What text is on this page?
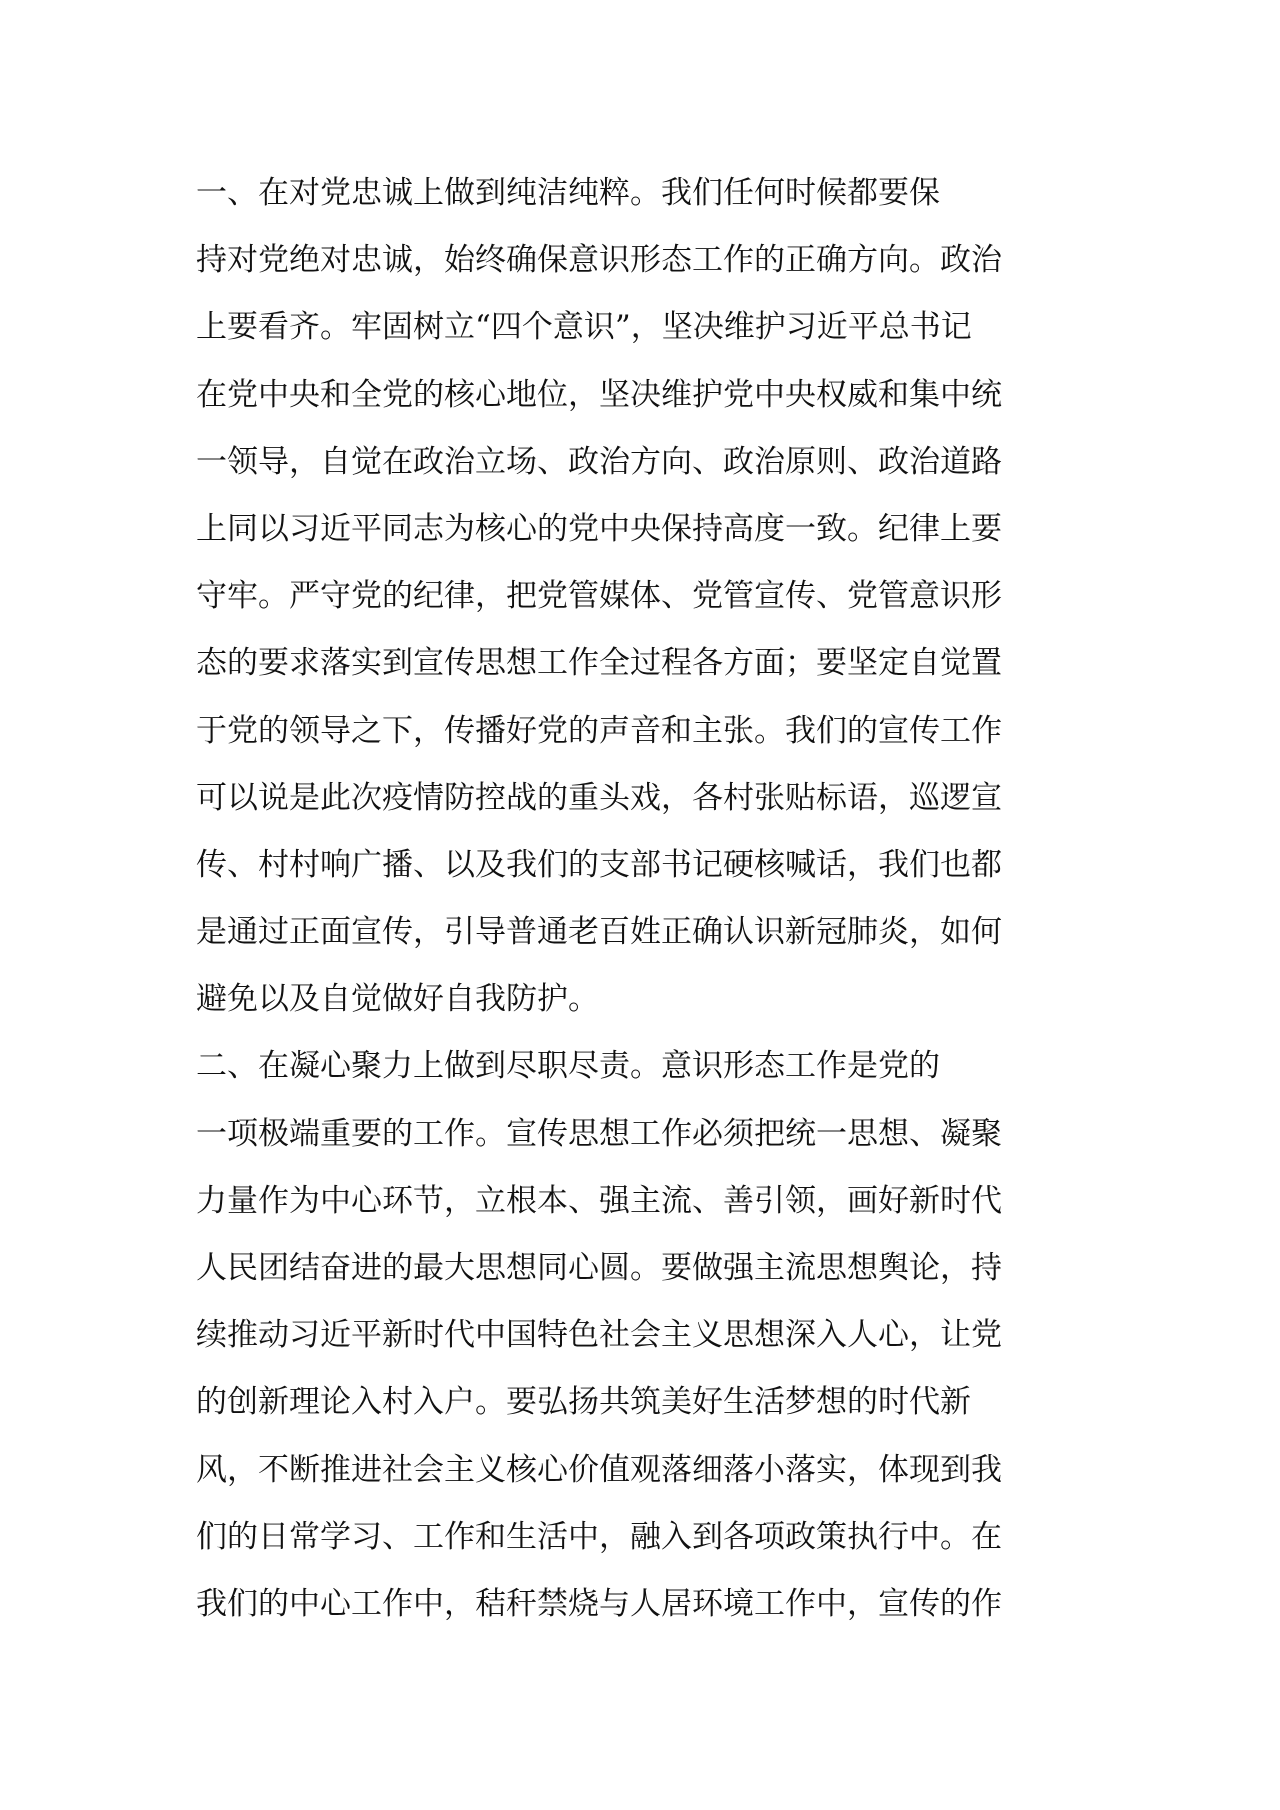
一、在对党忠诚上做到纯洁纯粹。我们任何时候都要保
持对党绝对忠诚，始终确保意识形态工作的正确方向。政治
上要看齐。牢固树立“四个意识”，坚决维护习近平总书记
在党中央和全党的核心地位，坚决维护党中央权威和集中统
一领导，自觉在政治立场、政治方向、政治原则、政治道路
上同以习近平同志为核心的党中央保持高度一致。纪律上要
守牢。严守党的纪律，把党管媒体、党管宣传、党管意识形
态的要求落实到宣传思想工作全过程各方面；要坚定自觉置
于党的领导之下，传播好党的声音和主张。我们的宣传工作
可以说是此次疫情防控战的重头戏，各村张贴标语，巡逻宣
传、村村响广播、以及我们的支部书记硬核喊话，我们也都
是通过正面宣传，引导普通老百姓正确认识新冠肺炎，如何
避免以及自觉做好自我防护。
二、在凝心聚力上做到尽职尽责。意识形态工作是党的
一项极端重要的工作。宣传思想工作必须把统一思想、凝聚
力量作为中心环节，立根本、强主流、善引领，画好新时代
人民团结奋进的最大思想同心圆。要做强主流思想舆论，持
续推动习近平新时代中国特色社会主义思想深入人心，让党
的创新理论入村入户。要弘扬共筑美好生活梦想的时代新
风，不断推进社会主义核心价值观落细落小落实，体现到我
们的日常学习、工作和生活中，融入到各项政策执行中。在
我们的中心工作中，秸秆禁烧与人居环境工作中，宣传的作
